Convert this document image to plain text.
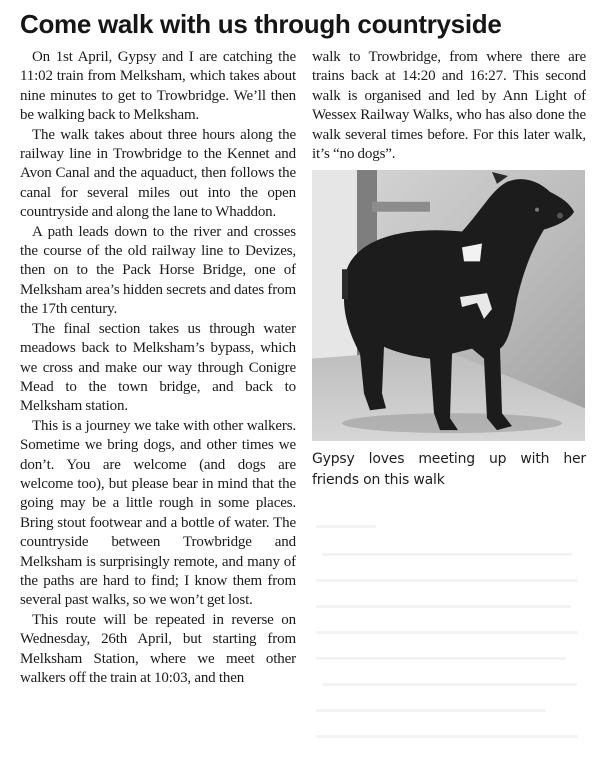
Come walk with us through countryside

On 1st April, Gypsy and I are catching the 11:02 train from Melksham, which takes about nine minutes to get to Trowbridge. We’ll then be walking back to Melksham.

The walk takes about three hours along the railway line in Trowbridge to the Kennet and Avon Canal and the aquaduct, then follows the canal for several miles out into the open countryside and along the lane to Whaddon.

A path leads down to the river and crosses the course of the old railway line to Devizes, then on to the Pack Horse Bridge, one of Melksham area’s hidden secrets and dates from the 17th century.

The final section takes us through water meadows back to Melksham’s bypass, which we cross and make our way through Conigre Mead to the town bridge, and back to Melksham station.

This is a journey we take with other walkers. Sometime we bring dogs, and other times we don’t. You are welcome (and dogs are welcome too), but please bear in mind that the going may be a little rough in some places. Bring stout footwear and a bottle of water. The countryside between Trowbridge and Melksham is surprisingly remote, and many of the paths are hard to find; I know them from several past walks, so we won’t get lost.

This route will be repeated in reverse on Wednesday, 26th April, but starting from Melksham Station, where we meet other walkers off the train at 10:03, and then

walk to Trowbridge, from where there are trains back at 14:20 and 16:27. This second walk is organised and led by Ann Light of Wessex Railway Walks, who has also done the walk several times before. For this later walk, it’s “no dogs”.

Gypsy loves meeting up with her friends on this walk
